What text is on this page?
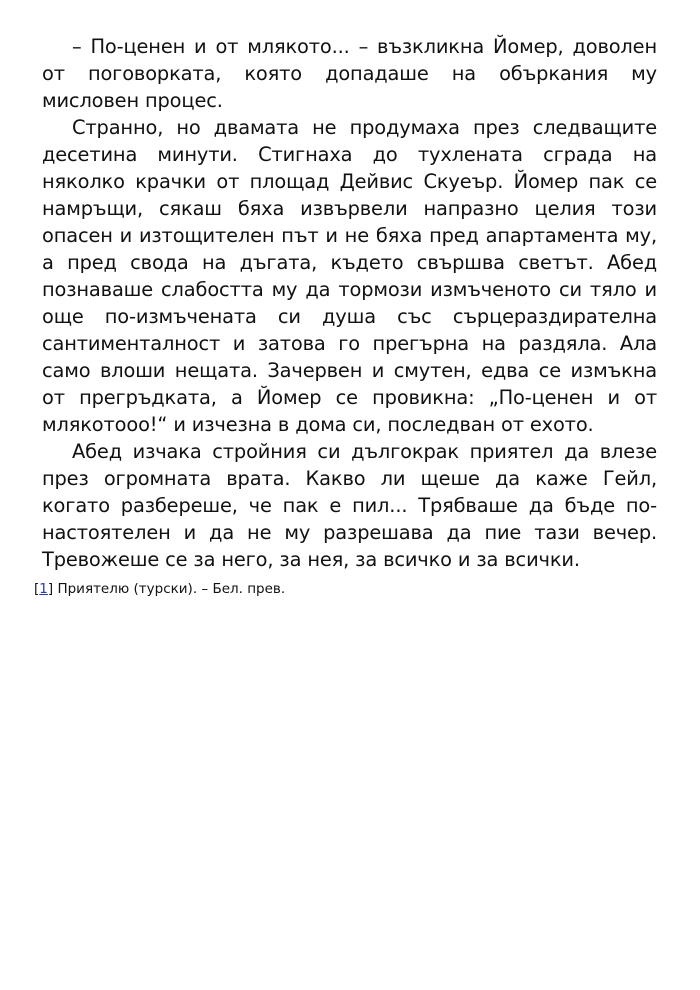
– По-ценен и от млякото... – възкликна Йомер, доволен от поговорката, която допадаше на объркания му мисловен процес.

Странно, но двамата не продумаха през следващите десетина минути. Стигнаха до тухлената сграда на няколко крачки от площад Дейвис Скуеър. Йомер пак се намръщи, сякаш бяха извървели напразно целия този опасен и изтощителен път и не бяха пред апартамента му, а пред свода на дъгата, където свършва светът. Абед познаваше слабостта му да тормози измъченото си тяло и още по-измъчената си душа със сърцераздирателна сантименталност и затова го прегърна на раздяла. Ала само влоши нещата. Зачервен и смутен, едва се измъкна от прегръдката, а Йомер се провикна: „По-ценен и от млякотооо!“ и изчезна в дома си, последван от ехото.

Абед изчака стройния си дългокрак приятел да влезе през огромната врата. Какво ли щеше да каже Гейл, когато разбереше, че пак е пил... Трябваше да бъде по-настоятелен и да не му разрешава да пие тази вечер. Тревожеше се за него, за нея, за всичко и за всички.

[1] Приятелю (турски). – Бел. прев.
